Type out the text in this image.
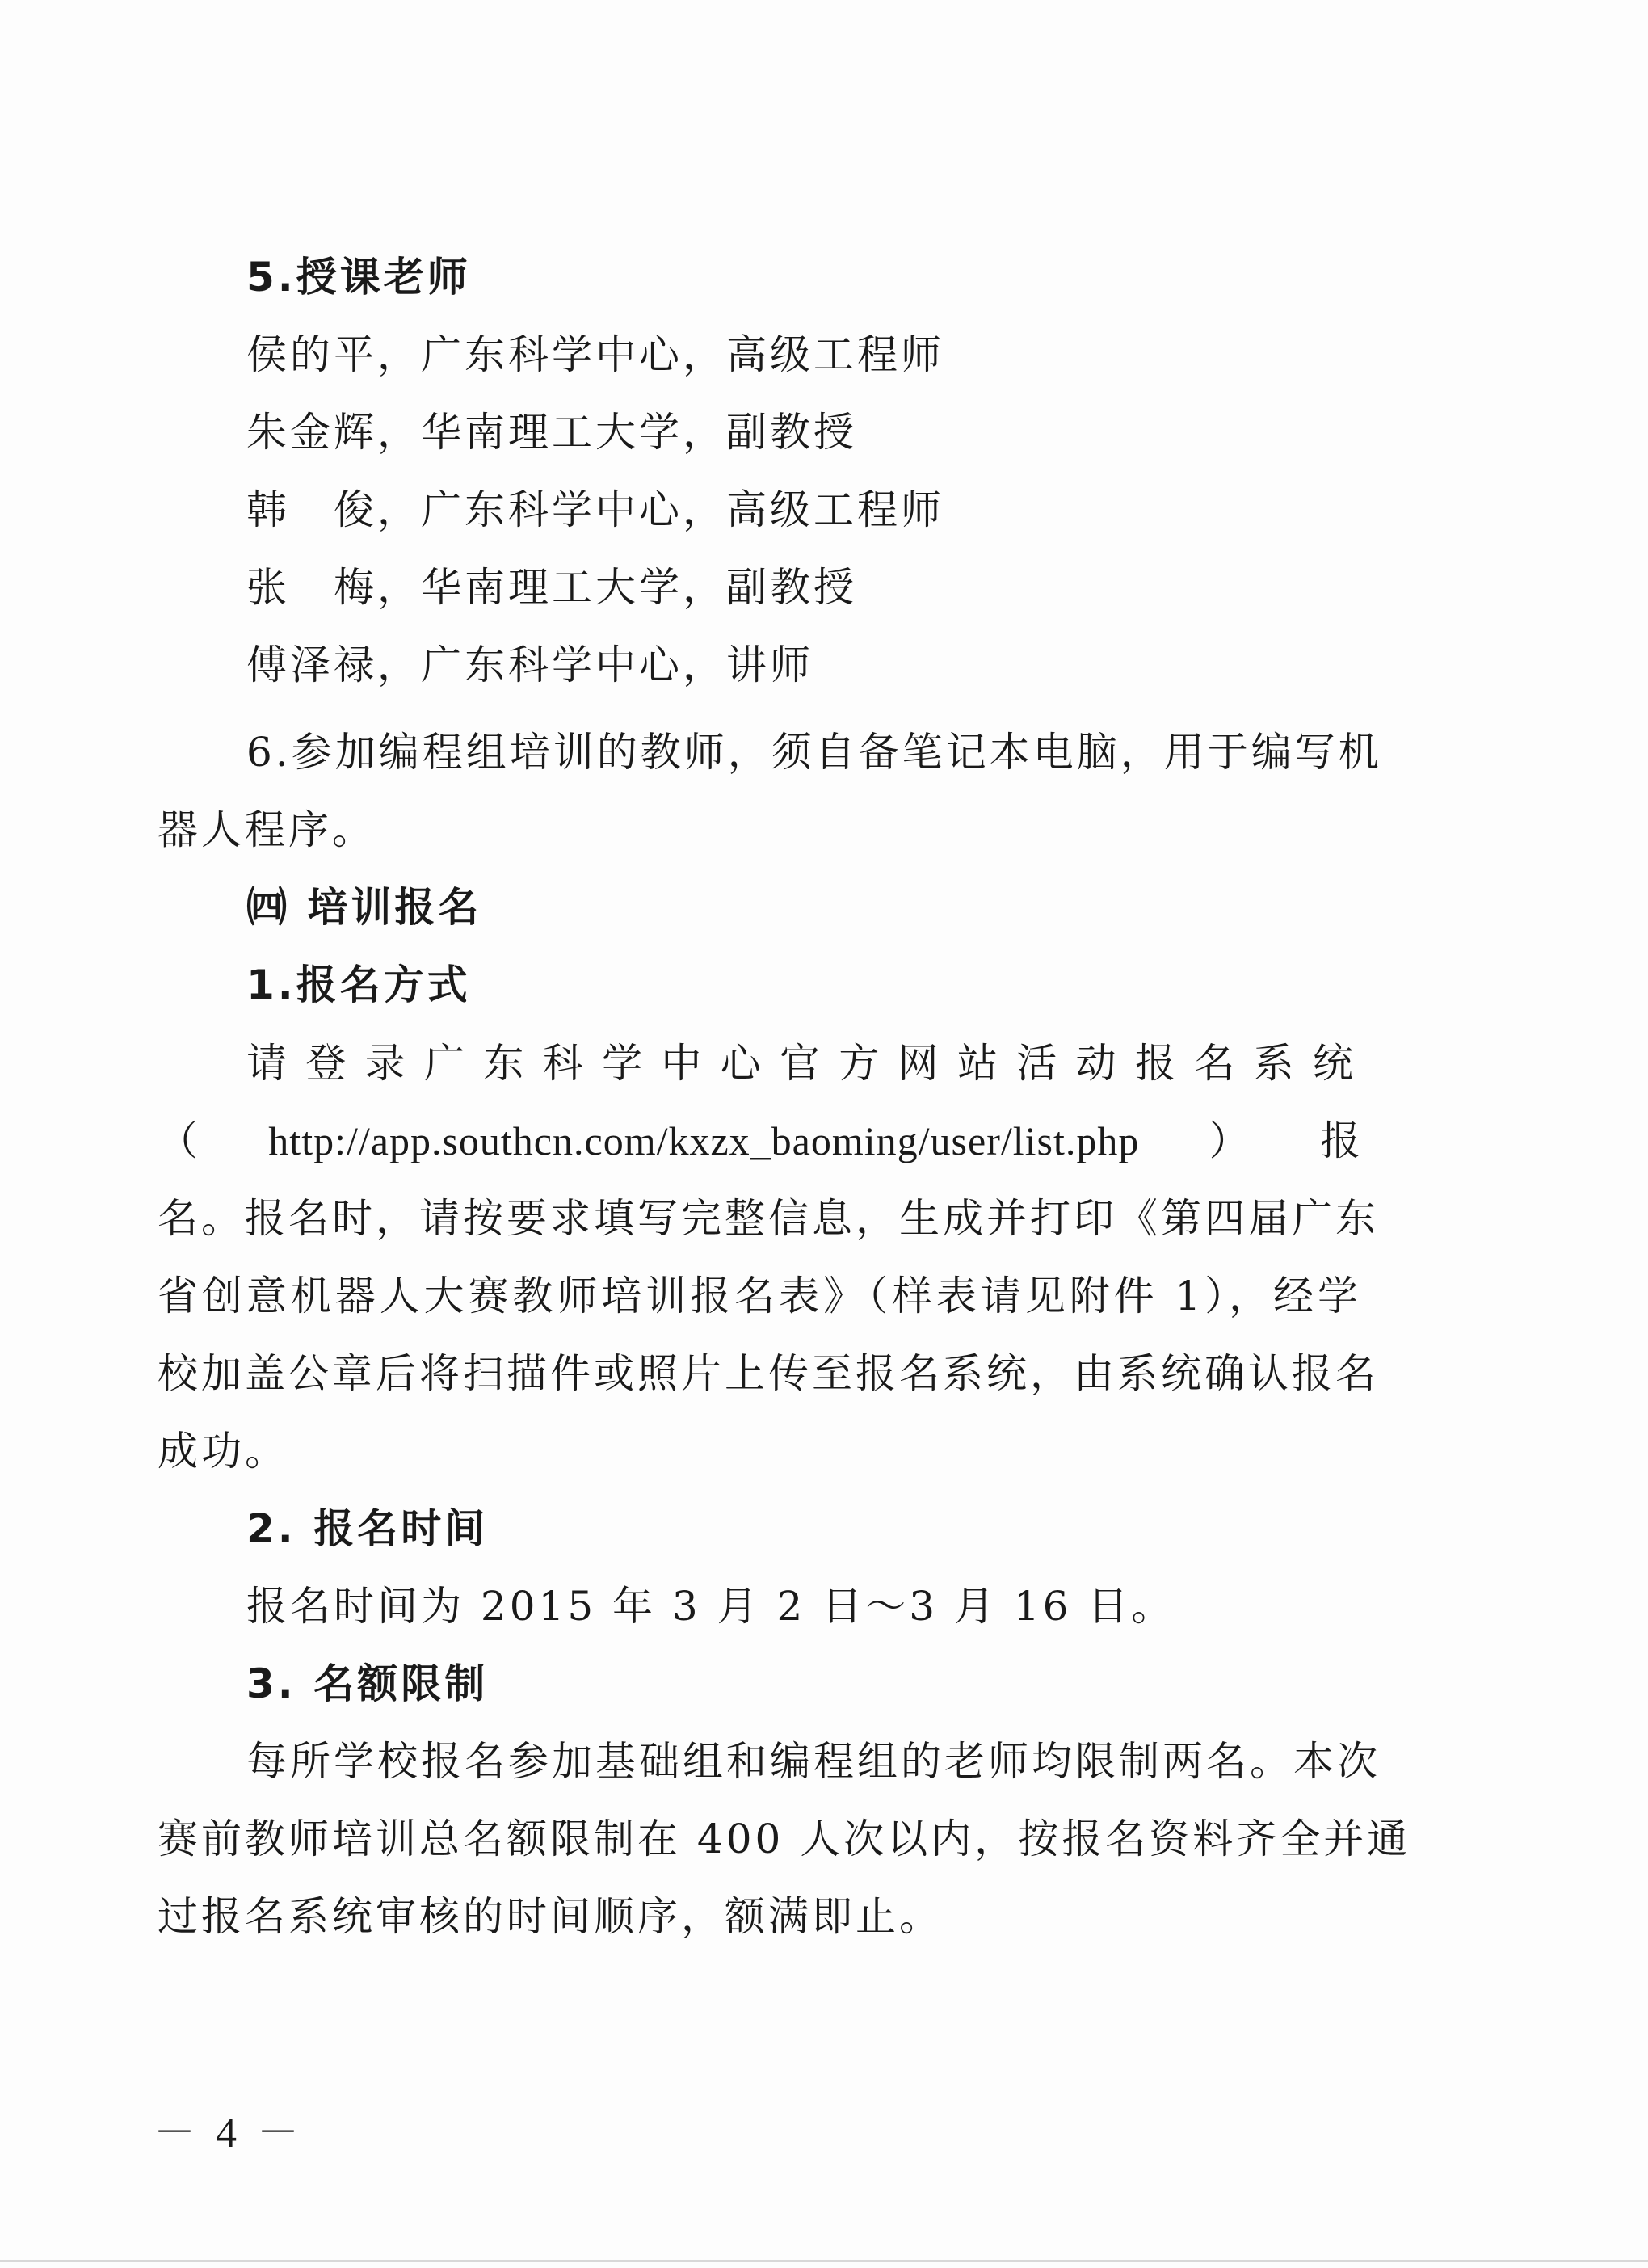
5.授课老师
侯的平，广东科学中心，高级工程师
朱金辉，华南理工大学，副教授
韩　俊，广东科学中心，高级工程师
张　梅，华南理工大学，副教授
傅泽禄，广东科学中心，讲师
6.参加编程组培训的教师，须自备笔记本电脑，用于编写机
器人程序。
㈣ 培训报名
1.报名方式
请登录广东科学中心官方网站活动报名系统
（http://app.southcn.com/kxzx_baoming/user/list.php）报
名。报名时，请按要求填写完整信息，生成并打印《第四届广东
省创意机器人大赛教师培训报名表》（样表请见附件 1），经学
校加盖公章后将扫描件或照片上传至报名系统，由系统确认报名
成功。
2. 报名时间
报名时间为 2015 年 3 月 2 日～3 月 16 日。
3. 名额限制
每所学校报名参加基础组和编程组的老师均限制两名。本次
赛前教师培训总名额限制在 400 人次以内，按报名资料齐全并通
过报名系统审核的时间顺序，额满即止。
－ 4 －
